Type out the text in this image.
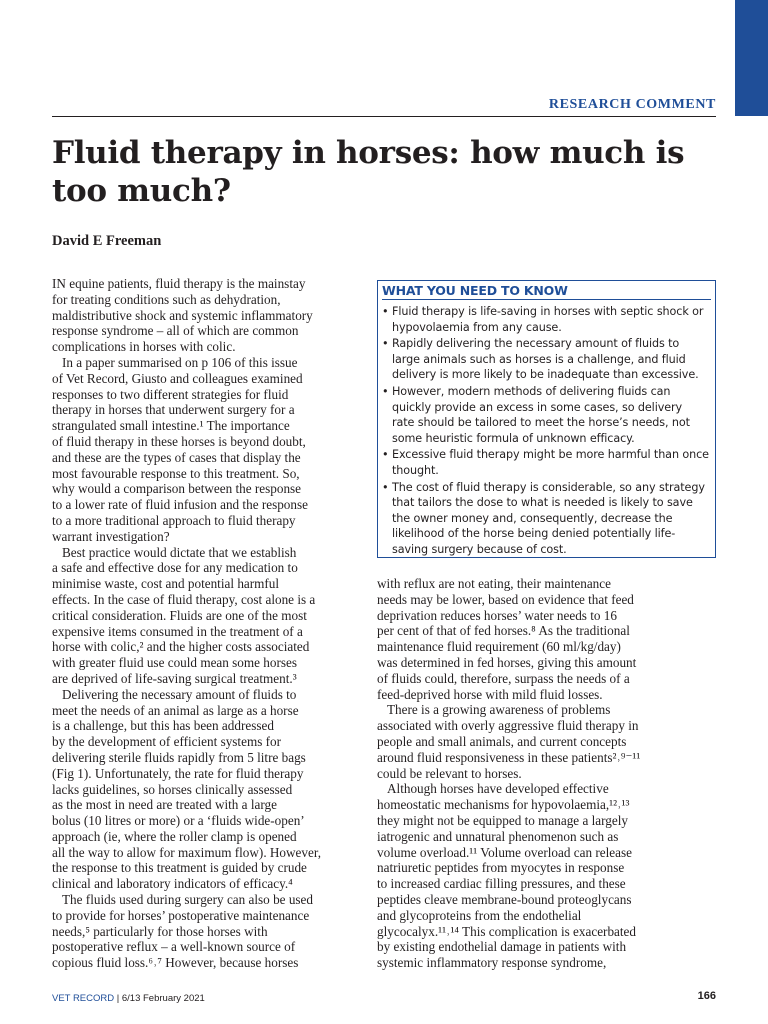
RESEARCH COMMENT
Fluid therapy in horses: how much is too much?
David E Freeman

IN equine patients, fluid therapy is the mainstay
for treating conditions such as dehydration,
maldistributive shock and systemic inflammatory
response syndrome – all of which are common
complications in horses with colic.

In a paper summarised on p 106 of this issue
of Vet Record, Giusto and colleagues examined
responses to two different strategies for fluid
therapy in horses that underwent surgery for a
strangulated small intestine.¹ The importance
of fluid therapy in these horses is beyond doubt,
and these are the types of cases that display the
most favourable response to this treatment. So,
why would a comparison between the response
to a lower rate of fluid infusion and the response
to a more traditional approach to fluid therapy
warrant investigation?

Best practice would dictate that we establish
a safe and effective dose for any medication to
minimise waste, cost and potential harmful
effects. In the case of fluid therapy, cost alone is a
critical consideration. Fluids are one of the most
expensive items consumed in the treatment of a
horse with colic,² and the higher costs associated
with greater fluid use could mean some horses
are deprived of life-saving surgical treatment.³

Delivering the necessary amount of fluids to
meet the needs of an animal as large as a horse
is a challenge, but this has been addressed
by the development of efficient systems for
delivering sterile fluids rapidly from 5 litre bags
(Fig 1). Unfortunately, the rate for fluid therapy
lacks guidelines, so horses clinically assessed
as the most in need are treated with a large
bolus (10 litres or more) or a ‘fluids wide-open’
approach (ie, where the roller clamp is opened
all the way to allow for maximum flow). However,
the response to this treatment is guided by crude
clinical and laboratory indicators of efficacy.⁴

The fluids used during surgery can also be used
to provide for horses’ postoperative maintenance
needs,⁵ particularly for those horses with
postoperative reflux – a well-known source of
copious fluid loss.⁶˒⁷ However, because horses

WHAT YOU NEED TO KNOW
• Fluid therapy is life-saving in horses with septic shock or
hypovolaemia from any cause.
• Rapidly delivering the necessary amount of fluids to
large animals such as horses is a challenge, and fluid
delivery is more likely to be inadequate than excessive.
• However, modern methods of delivering fluids can
quickly provide an excess in some cases, so delivery
rate should be tailored to meet the horse’s needs, not
some heuristic formula of unknown efficacy.
• Excessive fluid therapy might be more harmful than once
thought.
• The cost of fluid therapy is considerable, so any strategy
that tailors the dose to what is needed is likely to save
the owner money and, consequently, decrease the
likelihood of the horse being denied potentially life-
saving surgery because of cost.

with reflux are not eating, their maintenance
needs may be lower, based on evidence that feed
deprivation reduces horses’ water needs to 16
per cent of that of fed horses.⁸ As the traditional
maintenance fluid requirement (60 ml/kg/day)
was determined in fed horses, giving this amount
of fluids could, therefore, surpass the needs of a
feed-deprived horse with mild fluid losses.

There is a growing awareness of problems
associated with overly aggressive fluid therapy in
people and small animals, and current concepts
around fluid responsiveness in these patients²˒⁹⁻¹¹
could be relevant to horses.

Although horses have developed effective
homeostatic mechanisms for hypovolaemia,¹²˒¹³
they might not be equipped to manage a largely
iatrogenic and unnatural phenomenon such as
volume overload.¹¹ Volume overload can release
natriuretic peptides from myocytes in response
to increased cardiac filling pressures, and these
peptides cleave membrane-bound proteoglycans
and glycoproteins from the endothelial
glycocalyx.¹¹˒¹⁴ This complication is exacerbated
by existing endothelial damage in patients with
systemic inflammatory response syndrome,

VET RECORD | 6/13 February 2021	166
